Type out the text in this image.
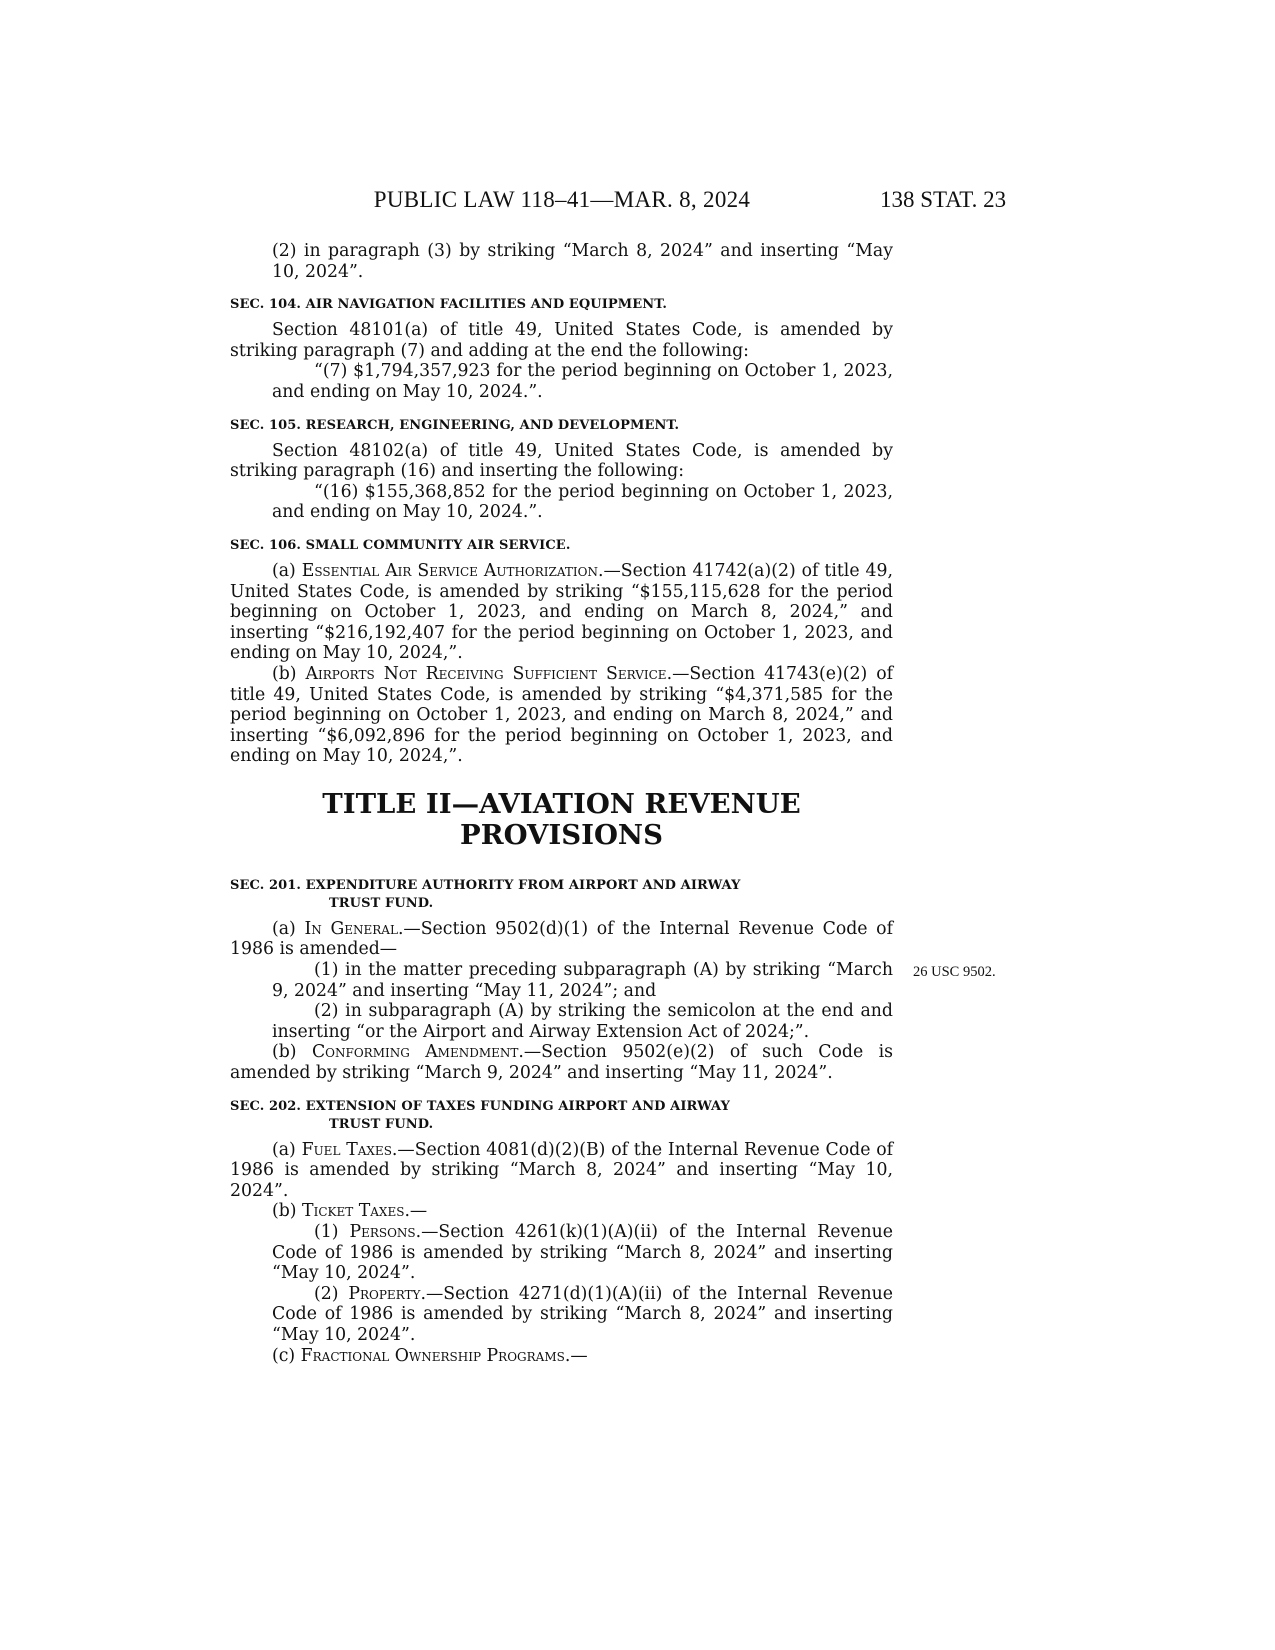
PUBLIC LAW 118–41—MAR. 8, 2024	138 STAT. 23
26 USC 9502.

(2) in paragraph (3) by striking “March 8, 2024” and inserting “May 10, 2024”.

SEC. 104. AIR NAVIGATION FACILITIES AND EQUIPMENT.

Section 48101(a) of title 49, United States Code, is amended by striking paragraph (7) and adding at the end the following:

“(7) $1,794,357,923 for the period beginning on October 1, 2023, and ending on May 10, 2024.”.

SEC. 105. RESEARCH, ENGINEERING, AND DEVELOPMENT.

Section 48102(a) of title 49, United States Code, is amended by striking paragraph (16) and inserting the following:

“(16) $155,368,852 for the period beginning on October 1, 2023, and ending on May 10, 2024.”.

SEC. 106. SMALL COMMUNITY AIR SERVICE.

(a) Essential Air Service Authorization.—Section 41742(a)(2) of title 49, United States Code, is amended by striking “$155,115,628 for the period beginning on October 1, 2023, and ending on March 8, 2024,” and inserting “$216,192,407 for the period beginning on October 1, 2023, and ending on May 10, 2024,”.

(b) Airports Not Receiving Sufficient Service.—Section 41743(e)(2) of title 49, United States Code, is amended by striking “$4,371,585 for the period beginning on October 1, 2023, and ending on March 8, 2024,” and inserting “$6,092,896 for the period beginning on October 1, 2023, and ending on May 10, 2024,”.

TITLE II—AVIATION REVENUE

PROVISIONS

SEC. 201. EXPENDITURE AUTHORITY FROM AIRPORT AND AIRWAY
TRUST FUND.

(a) In General.—Section 9502(d)(1) of the Internal Revenue Code of 1986 is amended—

(1) in the matter preceding subparagraph (A) by striking “March 9, 2024” and inserting “May 11, 2024”; and

(2) in subparagraph (A) by striking the semicolon at the end and inserting “or the Airport and Airway Extension Act of 2024;”.

(b) Conforming Amendment.—Section 9502(e)(2) of such Code is amended by striking “March 9, 2024” and inserting “May 11, 2024”.

SEC. 202. EXTENSION OF TAXES FUNDING AIRPORT AND AIRWAY
TRUST FUND.

(a) Fuel Taxes.—Section 4081(d)(2)(B) of the Internal Revenue Code of 1986 is amended by striking “March 8, 2024” and inserting “May 10, 2024”.

(b) Ticket Taxes.—

(1) Persons.—Section 4261(k)(1)(A)(ii) of the Internal Revenue Code of 1986 is amended by striking “March 8, 2024” and inserting “May 10, 2024”.

(2) Property.—Section 4271(d)(1)(A)(ii) of the Internal Revenue Code of 1986 is amended by striking “March 8, 2024” and inserting “May 10, 2024”.

(c) Fractional Ownership Programs.—
